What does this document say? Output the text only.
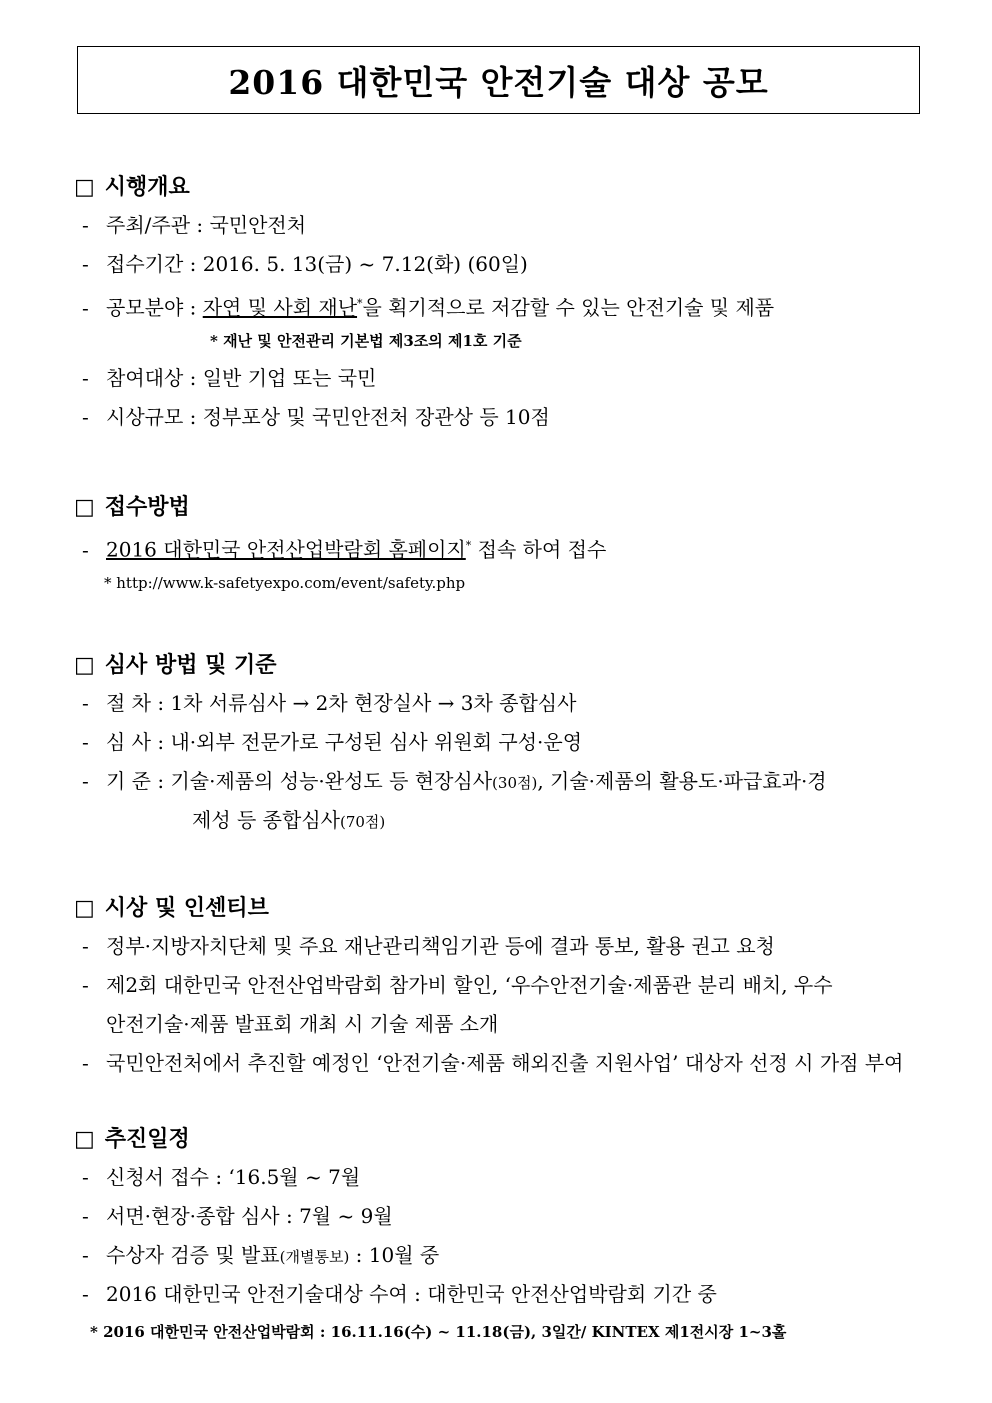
2016 대한민국 안전기술 대상 공모
□ 시행개요
- 주최/주관 : 국민안전처
- 접수기간 : 2016. 5. 13(금) ~ 7.12(화) (60일)
- 공모분야 : 자연 및 사회 재난*을 획기적으로 저감할 수 있는 안전기술 및 제품
* 재난 및 안전관리 기본법 제3조의 제1호 기준
- 참여대상 : 일반 기업 또는 국민
- 시상규모 : 정부포상 및 국민안전처 장관상 등 10점
□ 접수방법
- 2016 대한민국 안전산업박람회 홈페이지* 접속 하여 접수
* http://www.k-safetyexpo.com/event/safety.php
□ 심사 방법 및 기준
- 절 차 : 1차 서류심사 → 2차 현장실사 → 3차 종합심사
- 심 사 : 내·외부 전문가로 구성된 심사 위원회 구성·운영
- 기 준 : 기술·제품의 성능·완성도 등 현장심사(30점), 기술·제품의 활용도·파급효과·경
제성 등 종합심사(70점)
□ 시상 및 인센티브
- 정부·지방자치단체 및 주요 재난관리책임기관 등에 결과 통보, 활용 권고 요청
- 제2회 대한민국 안전산업박람회 참가비 할인, ‘우수안전기술·제품관 분리 배치, 우수
안전기술·제품 발표회 개최 시 기술 제품 소개
- 국민안전처에서 추진할 예정인 ‘안전기술·제품 해외진출 지원사업’ 대상자 선정 시 가점 부여
□ 추진일정
- 신청서 접수 : ‘16.5월 ~ 7월
- 서면·현장·종합 심사 : 7월 ~ 9월
- 수상자 검증 및 발표(개별통보) : 10월 중
- 2016 대한민국 안전기술대상 수여 : 대한민국 안전산업박람회 기간 중
* 2016 대한민국 안전산업박람회 : 16.11.16(수) ~ 11.18(금), 3일간/ KINTEX 제1전시장 1~3홀
